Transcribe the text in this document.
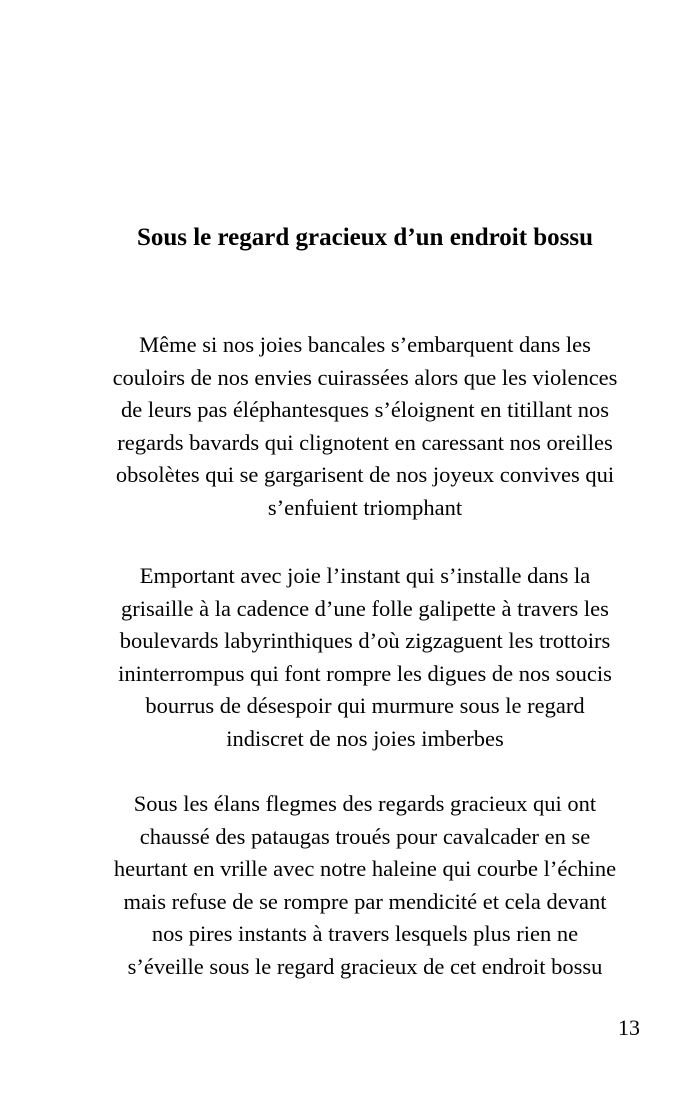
Sous le regard gracieux d’un endroit bossu

Même si nos joies bancales s’embarquent dans les
couloirs de nos envies cuirassées alors que les violences
de leurs pas éléphantesques s’éloignent en titillant nos
regards bavards qui clignotent en caressant nos oreilles
obsolètes qui se gargarisent de nos joyeux convives qui
s’enfuient triomphant

Emportant avec joie l’instant qui s’installe dans la
grisaille à la cadence d’une folle galipette à travers les
boulevards labyrinthiques d’où zigzaguent les trottoirs
ininterrompus qui font rompre les digues de nos soucis
bourrus de désespoir qui murmure sous le regard
indiscret de nos joies imberbes

Sous les élans flegmes des regards gracieux qui ont
chaussé des pataugas troués pour cavalcader en se
heurtant en vrille avec notre haleine qui courbe l’échine
mais refuse de se rompre par mendicité et cela devant
nos pires instants à travers lesquels plus rien ne
s’éveille sous le regard gracieux de cet endroit bossu

13
